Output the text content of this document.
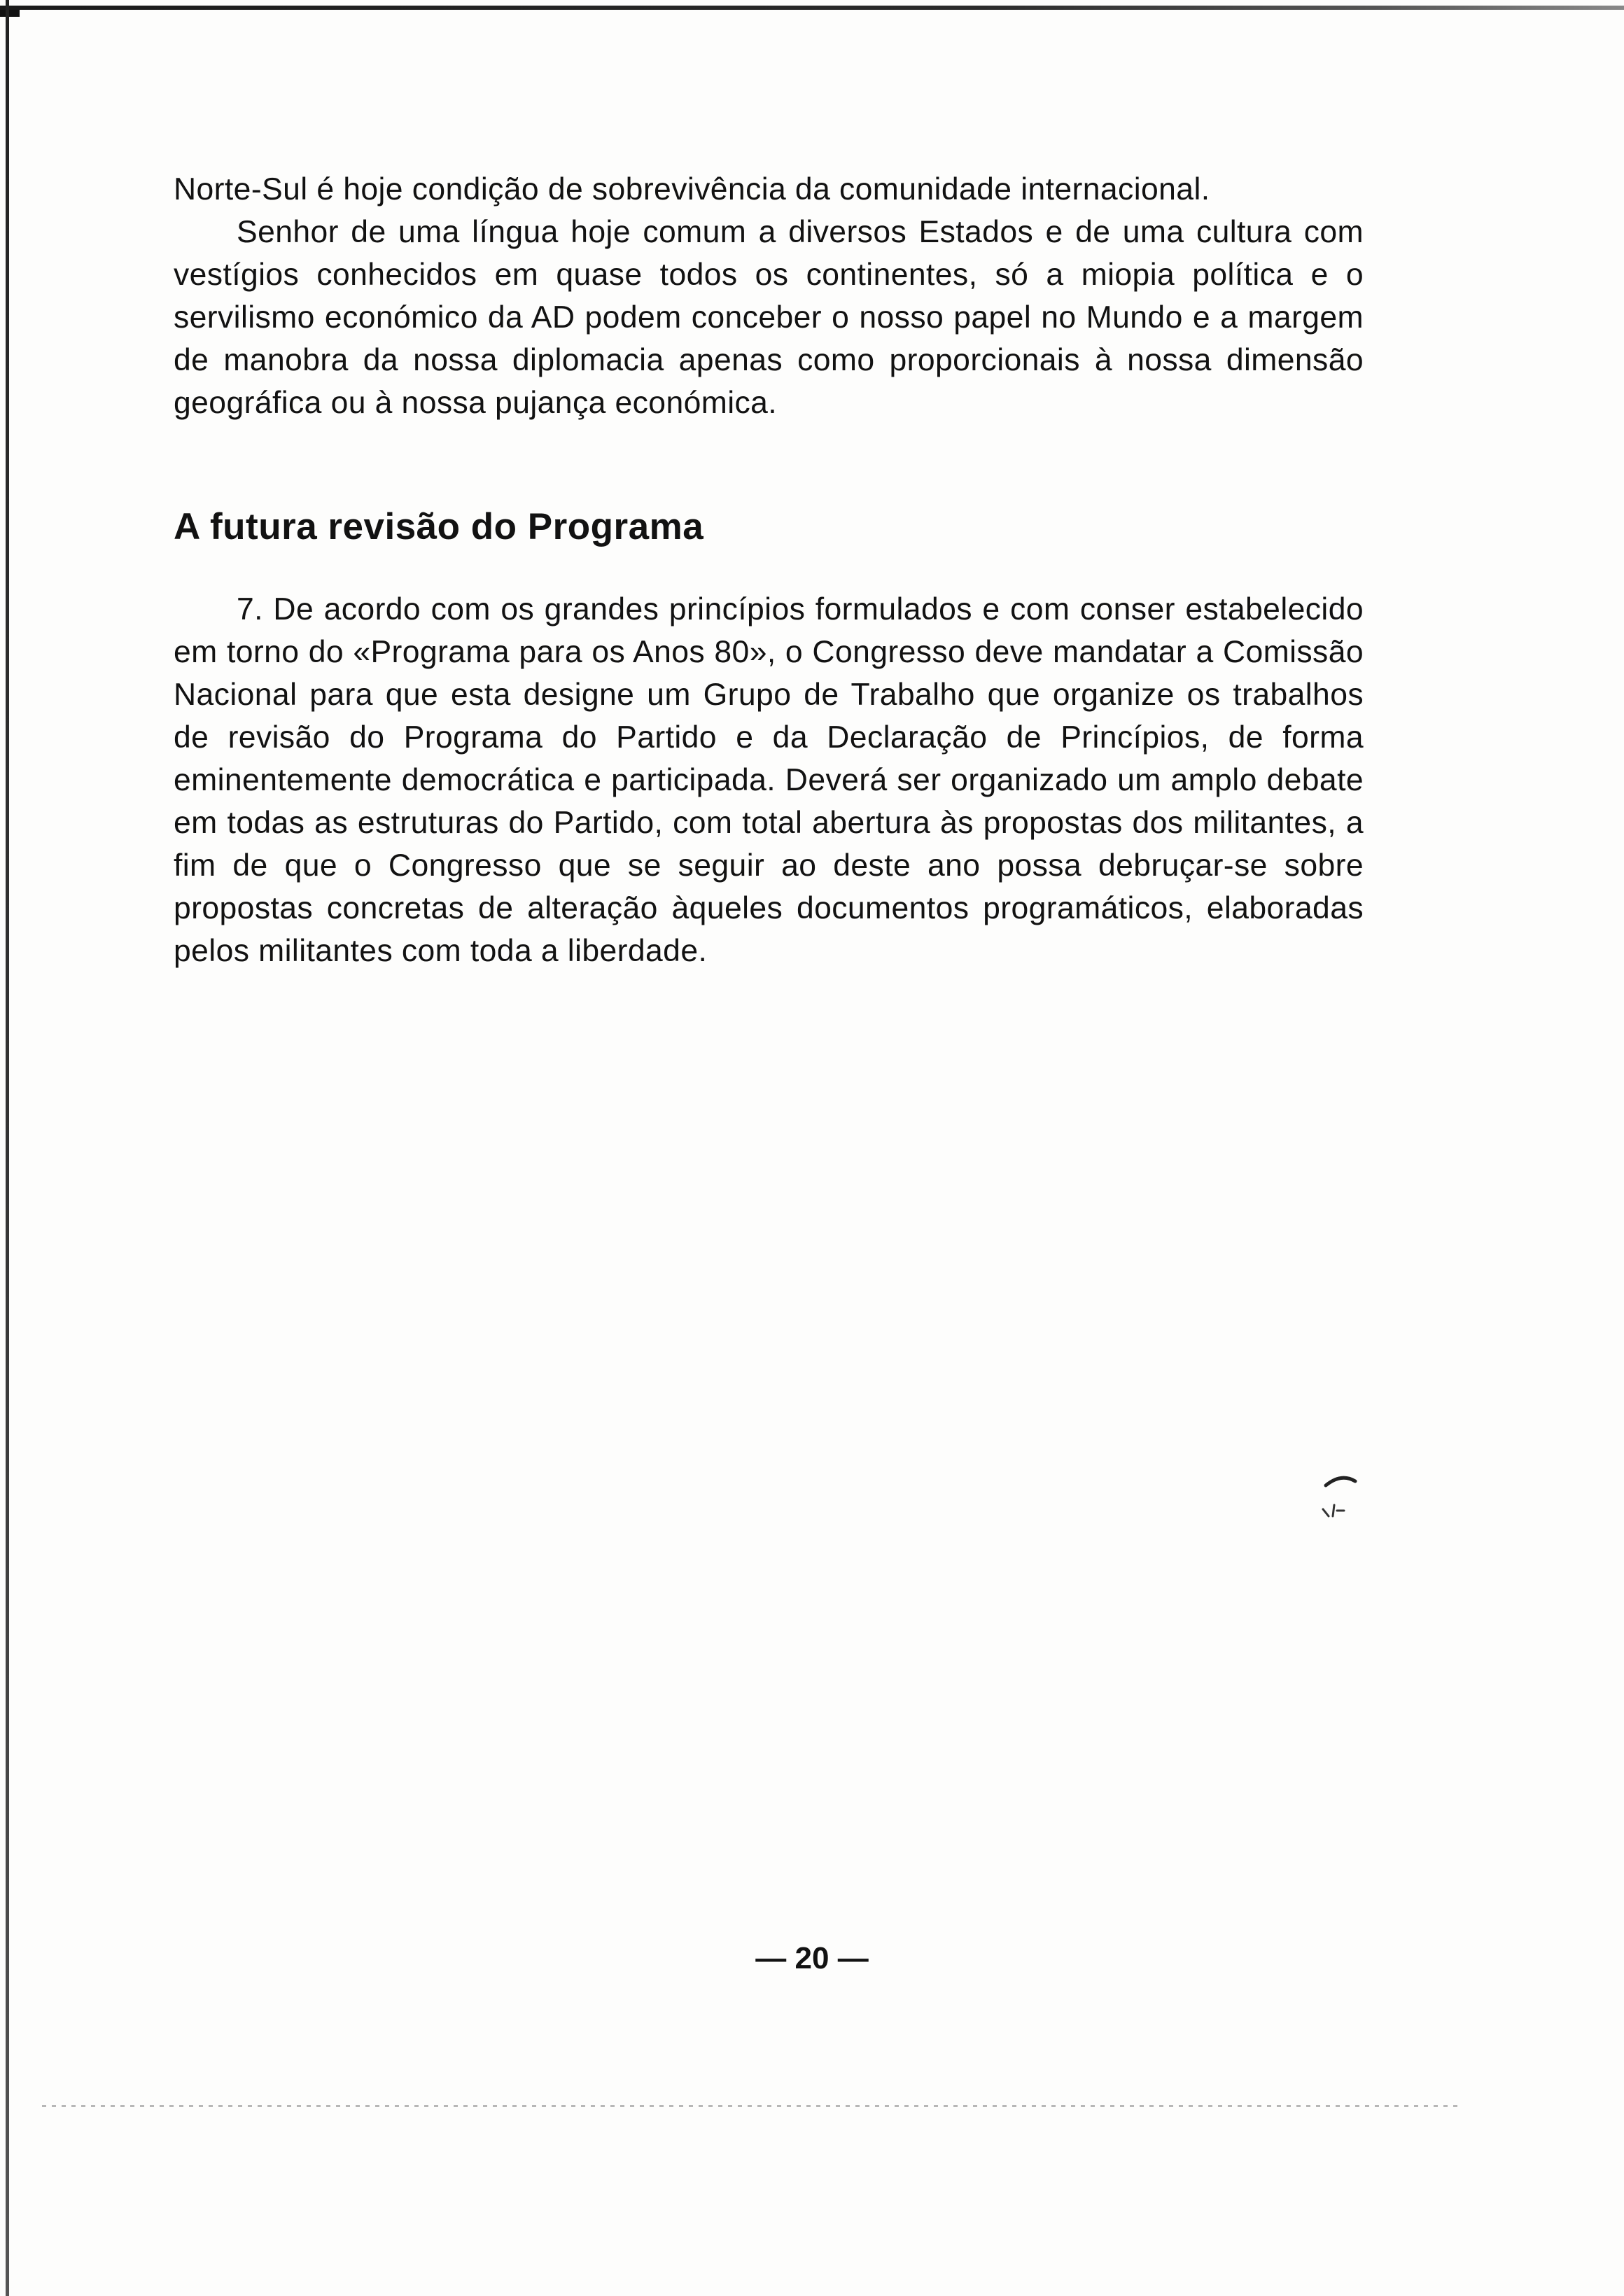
Norte-Sul é hoje condição de sobrevivência da comunidade internacional.

Senhor de uma língua hoje comum a diversos Estados e de uma cultura com vestígios conhecidos em quase todos os continentes, só a miopia política e o servilismo económico da AD podem conceber o nosso papel no Mundo e a margem de manobra da nossa diplomacia apenas como proporcionais à nossa dimensão geográfica ou à nossa pujança económica.

A futura revisão do Programa

7. De acordo com os grandes princípios formulados e com conser estabelecido em torno do «Programa para os Anos 80», o Congresso deve mandatar a Comissão Nacional para que esta designe um Grupo de Trabalho que organize os trabalhos de revisão do Programa do Partido e da Declaração de Princípios, de forma eminentemente democrática e participada. Deverá ser organizado um amplo debate em todas as estruturas do Partido, com total abertura às propostas dos militantes, a fim de que o Congresso que se seguir ao deste ano possa debruçar-se sobre propostas concretas de alteração àqueles documentos programáticos, elaboradas pelos militantes com toda a liberdade.

— 20 —
